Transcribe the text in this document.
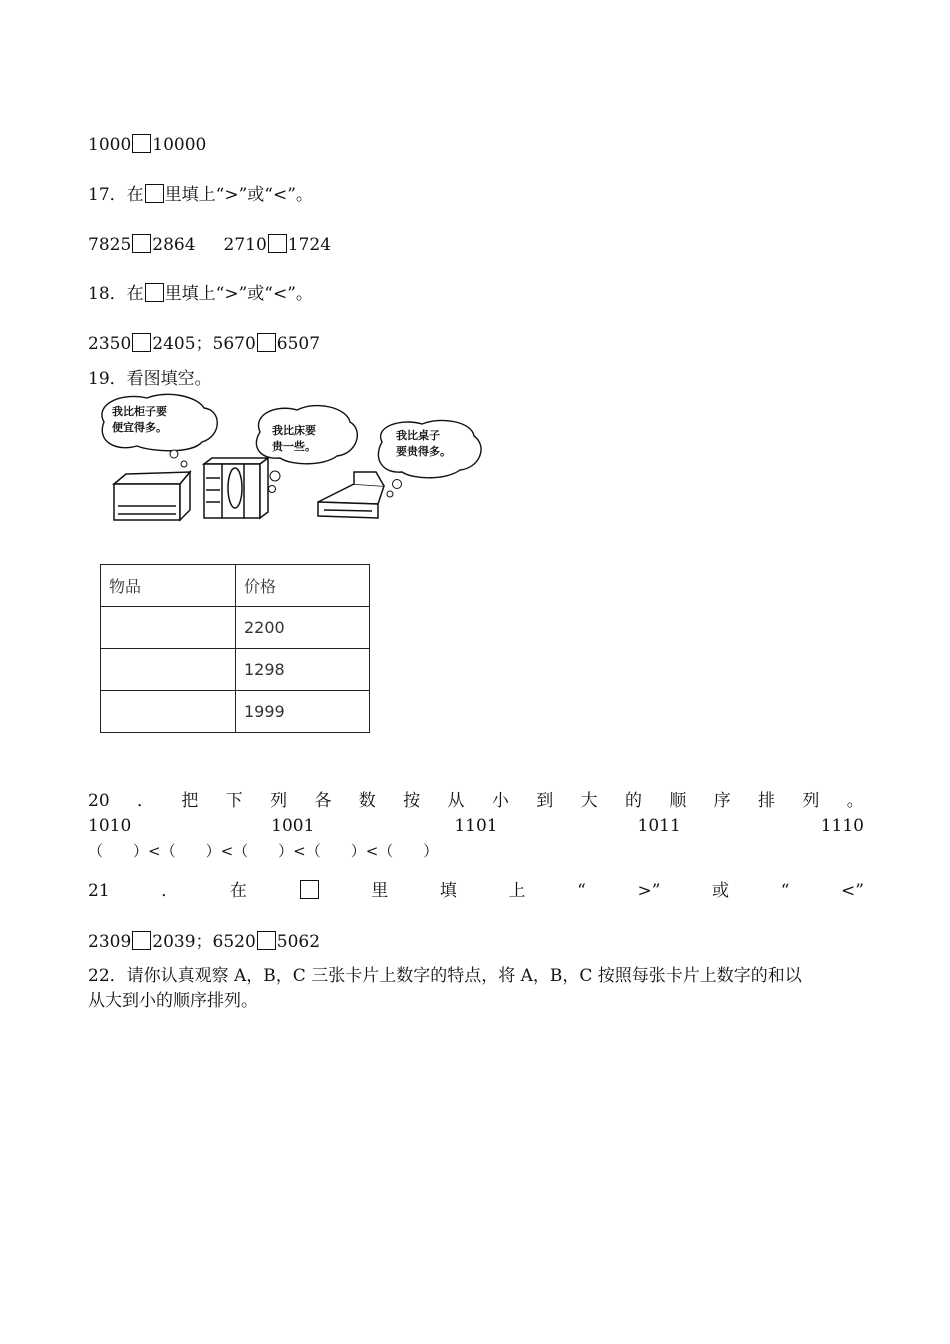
1000 10000
17．在 里填上“>”或“<”。
7825 2864 2710 1724
18．在 里填上“>”或“<”。
2350 2405；5670 6507
19．看图填空。
我比柜子要
便宜得多。	我比床要
贵一些。
我比桌子
要贵得多。
物品	价格
	2200
	1298
	1999
20 ． 把 下 列 各 数 按 从 小 到 大 的 顺 序 排 列 。
1010	1001	1101	1011	1110
（　　）<（　　）<（　　）<（　　）<（　　）
21	．	在	里	填	上	“	>”	或	“	<”
2309 2039；6520 5062
22．请你认真观察 A，B，C 三张卡片上数字的特点，将 A，B，C 按照每张卡片上数字的和以
从大到小的顺序排列。
